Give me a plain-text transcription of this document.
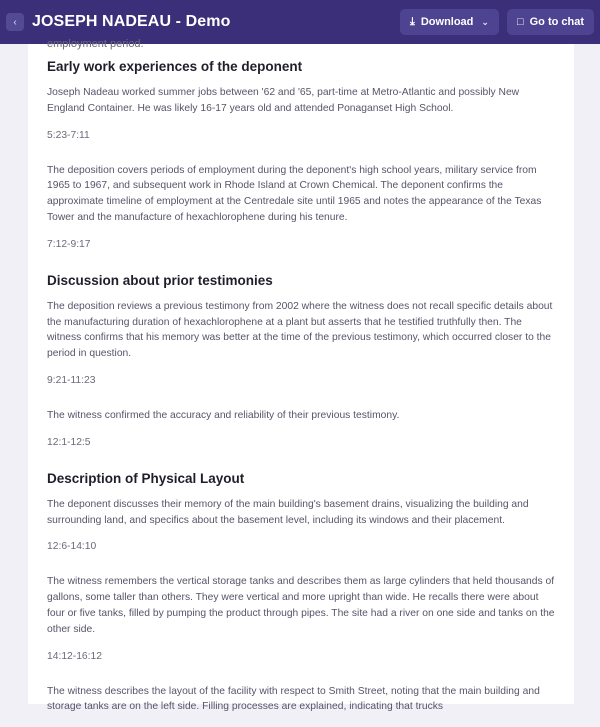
‹ JOSEPH NADEAU - Demo	⤓ Download ⌄	□ Go to chat
employment period.
Early work experiences of the deponent
Joseph Nadeau worked summer jobs between '62 and '65, part-time at Metro-Atlantic and possibly New England Container. He was likely 16-17 years old and attended Ponaganset High School.
5:23-7:11
The deposition covers periods of employment during the deponent's high school years, military service from 1965 to 1967, and subsequent work in Rhode Island at Crown Chemical. The deponent confirms the approximate timeline of employment at the Centredale site until 1965 and notes the appearance of the Texas Tower and the manufacture of hexachlorophene during his tenure.
7:12-9:17
Discussion about prior testimonies
The deposition reviews a previous testimony from 2002 where the witness does not recall specific details about the manufacturing duration of hexachlorophene at a plant but asserts that he testified truthfully then. The witness confirms that his memory was better at the time of the previous testimony, which occurred closer to the period in question.
9:21-11:23
The witness confirmed the accuracy and reliability of their previous testimony.
12:1-12:5
Description of Physical Layout
The deponent discusses their memory of the main building's basement drains, visualizing the building and surrounding land, and specifics about the basement level, including its windows and their placement.
12:6-14:10
The witness remembers the vertical storage tanks and describes them as large cylinders that held thousands of gallons, some taller than others. They were vertical and more upright than wide. He recalls there were about four or five tanks, filled by pumping the product through pipes. The site had a river on one side and tanks on the other side.
14:12-16:12
The witness describes the layout of the facility with respect to Smith Street, noting that the main building and storage tanks are on the left side. Filling processes are explained, indicating that trucks
